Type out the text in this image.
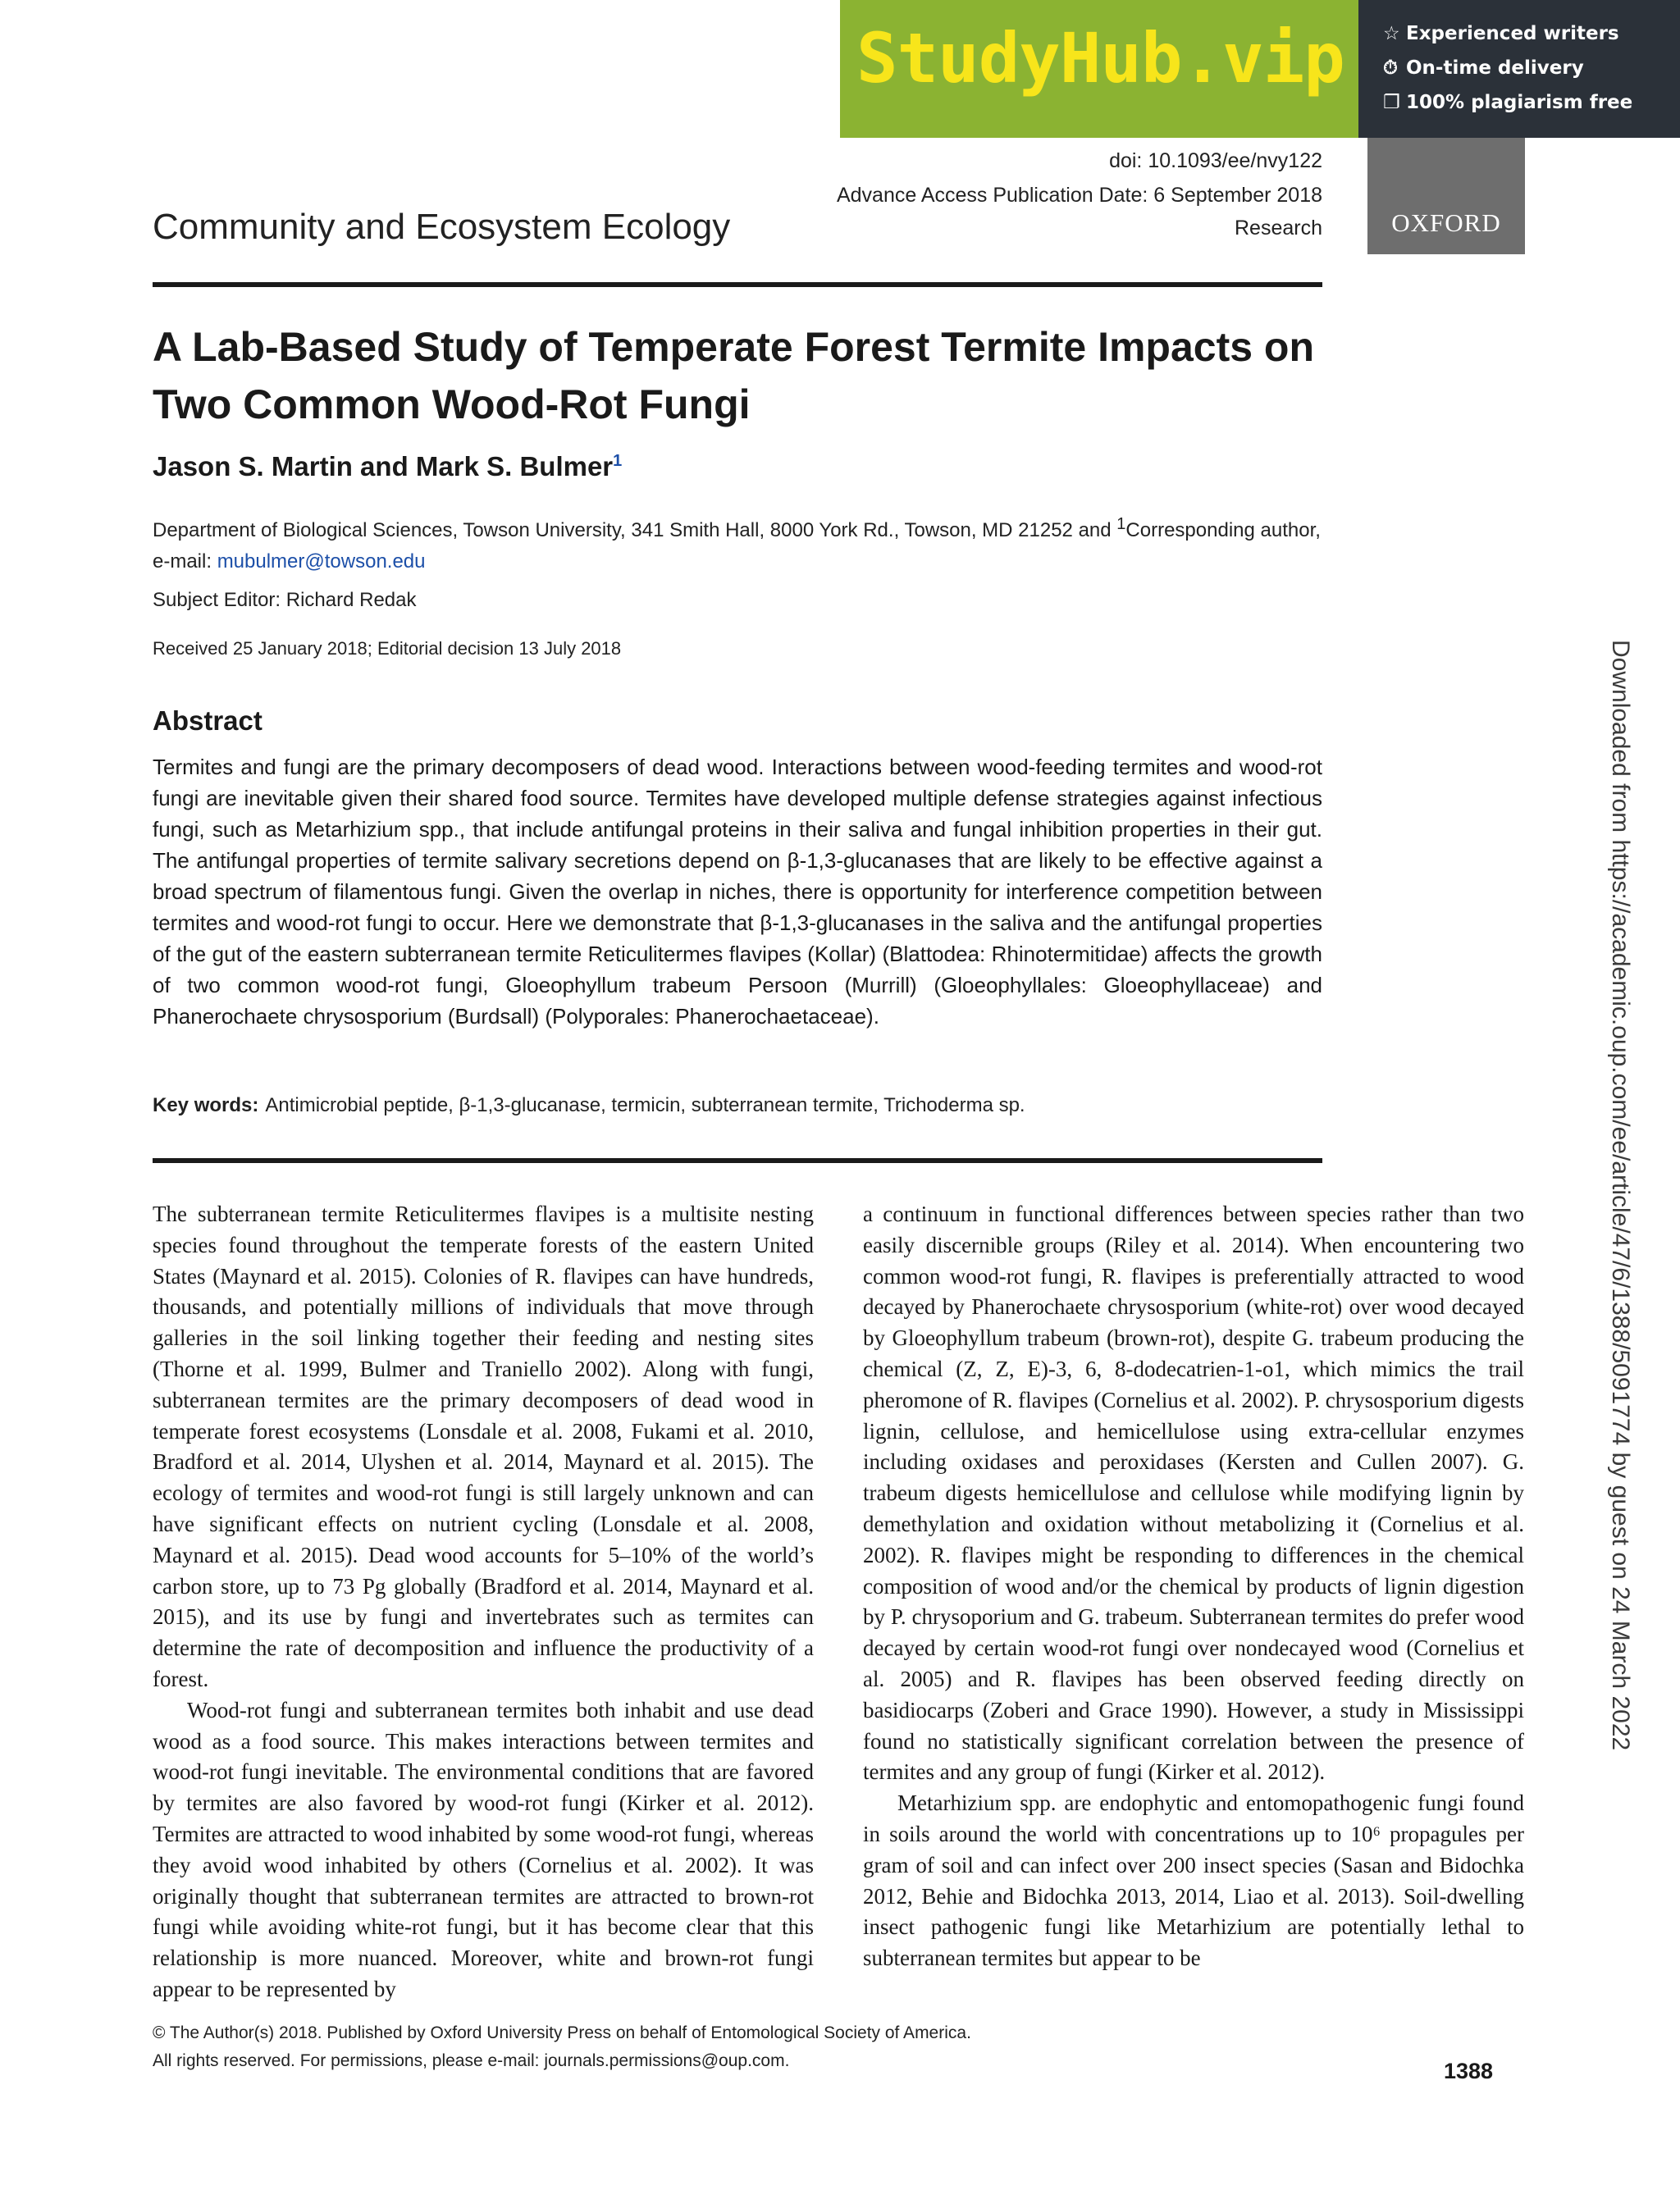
StudyHub.vip ☆ Experienced writers
⏱ On-time delivery
❐ 100% plagiarism free
doi: 10.1093/ee/nvy122
Advance Access Publication Date: 6 September 2018
Research	OXFORD
Community and Ecosystem Ecology
A Lab-Based Study of Temperate Forest Termite Impacts on Two Common Wood-Rot Fungi
Jason S. Martin and Mark S. Bulmer$^1$
Department of Biological Sciences, Towson University, 341 Smith Hall, 8000 York Rd., Towson, MD 21252 and $^1$Corresponding author, e-mail: mubulmer@towson.edu
Subject Editor: Richard Redak
Received 25 January 2018; Editorial decision 13 July 2018
Abstract
Termites and fungi are the primary decomposers of dead wood. Interactions between wood-feeding termites and wood-rot fungi are inevitable given their shared food source. Termites have developed multiple defense strategies against infectious fungi, such as Metarhizium spp., that include antifungal proteins in their saliva and fungal inhibition properties in their gut. The antifungal properties of termite salivary secretions depend on β-1,3-glucanases that are likely to be effective against a broad spectrum of filamentous fungi. Given the overlap in niches, there is opportunity for interference competition between termites and wood-rot fungi to occur. Here we demonstrate that β-1,3-glucanases in the saliva and the antifungal properties of the gut of the eastern subterranean termite Reticulitermes flavipes (Kollar) (Blattodea: Rhinotermitidae) affects the growth of two common wood-rot fungi, Gloeophyllum trabeum Persoon (Murrill) (Gloeophyllales: Gloeophyllaceae) and Phanerochaete chrysosporium (Burdsall) (Polyporales: Phanerochaetaceae).
Key words: Antimicrobial peptide, β-1,3-glucanase, termicin, subterranean termite, Trichoderma sp.

The subterranean termite Reticulitermes flavipes is a multisite nesting species found throughout the temperate forests of the eastern United States (Maynard et al. 2015). Colonies of R. flavipes can have hundreds, thousands, and potentially millions of individuals that move through galleries in the soil linking together their feeding and nesting sites (Thorne et al. 1999, Bulmer and Traniello 2002). Along with fungi, subterranean termites are the primary decomposers of dead wood in temperate forest ecosystems (Lonsdale et al. 2008, Fukami et al. 2010, Bradford et al. 2014, Ulyshen et al. 2014, Maynard et al. 2015). The ecology of termites and wood-rot fungi is still largely unknown and can have significant effects on nutrient cycling (Lonsdale et al. 2008, Maynard et al. 2015). Dead wood accounts for 5–10% of the world’s carbon store, up to 73 Pg globally (Bradford et al. 2014, Maynard et al. 2015), and its use by fungi and invertebrates such as termites can determine the rate of decomposition and influence the productivity of a forest.

Wood-rot fungi and subterranean termites both inhabit and use dead wood as a food source. This makes interactions between termites and wood-rot fungi inevitable. The environmental conditions that are favored by termites are also favored by wood-rot fungi (Kirker et al. 2012). Termites are attracted to wood inhabited by some wood-rot fungi, whereas they avoid wood inhabited by others (Cornelius et al. 2002). It was originally thought that subterranean termites are attracted to brown-rot fungi while avoiding white-rot fungi, but it has become clear that this relationship is more nuanced. Moreover, white and brown-rot fungi appear to be represented by

a continuum in functional differences between species rather than two easily discernible groups (Riley et al. 2014). When encountering two common wood-rot fungi, R. flavipes is preferentially attracted to wood decayed by Phanerochaete chrysosporium (white-rot) over wood decayed by Gloeophyllum trabeum (brown-rot), despite G. trabeum producing the chemical (Z, Z, E)-3, 6, 8-dodecatrien-1-o1, which mimics the trail pheromone of R. flavipes (Cornelius et al. 2002). P. chrysosporium digests lignin, cellulose, and hemicellulose using extra-cellular enzymes including oxidases and peroxidases (Kersten and Cullen 2007). G. trabeum digests hemicellulose and cellulose while modifying lignin by demethylation and oxidation without metabolizing it (Cornelius et al. 2002). R. flavipes might be responding to differences in the chemical composition of wood and/or the chemical by products of lignin digestion by P. chrysoporium and G. trabeum. Subterranean termites do prefer wood decayed by certain wood-rot fungi over nondecayed wood (Cornelius et al. 2005) and R. flavipes has been observed feeding directly on basidiocarps (Zoberi and Grace 1990). However, a study in Mississippi found no statistically significant correlation between the presence of termites and any group of fungi (Kirker et al. 2012).

Metarhizium spp. are endophytic and entomopathogenic fungi found in soils around the world with concentrations up to 10⁶ propagules per gram of soil and can infect over 200 insect species (Sasan and Bidochka 2012, Behie and Bidochka 2013, 2014, Liao et al. 2013). Soil-dwelling insect pathogenic fungi like Metarhizium are potentially lethal to subterranean termites but appear to be

© The Author(s) 2018. Published by Oxford University Press on behalf of Entomological Society of America.
All rights reserved. For permissions, please e-mail: journals.permissions@oup.com.	1388
Downloaded from https://academic.oup.com/ee/article/47/6/1388/5091774 by guest on 24 March 2022
